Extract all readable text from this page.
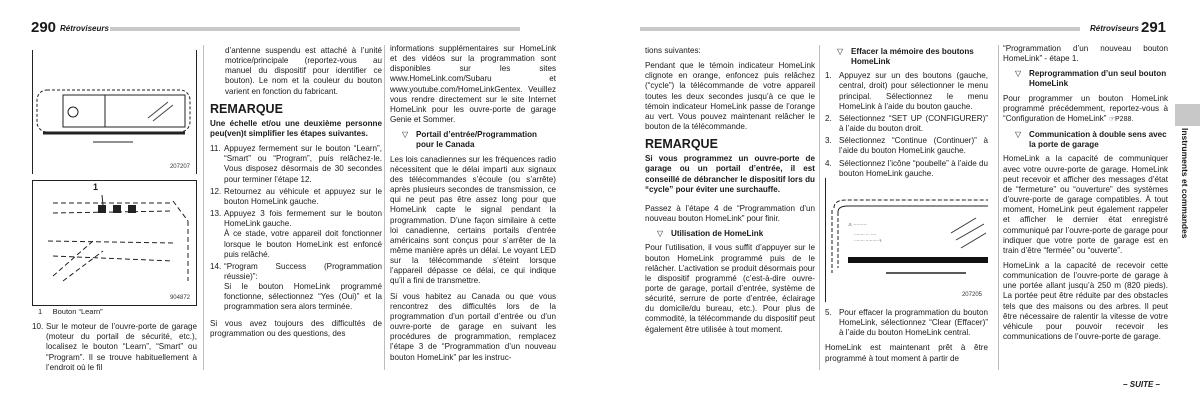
290 Rétroviseurs	Rétroviseurs 291
207207
1
904872
1 Bouton “Learn”
10. Sur le moteur de l’ouvre-porte de garage (moteur du portail de sécurité, etc.), localisez le bouton “Learn”, “Smart” ou “Program”. Il se trouve habituellement à l’endroit où le fil

d’antenne suspendu est attaché à l’unité motrice/principale (reportez-vous au manuel du dispositif pour identifier ce bouton). Le nom et la couleur du bouton varient en fonction du fabricant.

REMARQUE

Une échelle et/ou une deuxième personne peu(ven)t simplifier les étapes suivantes.

11. Appuyez fermement sur le bouton “Learn”, “Smart” ou “Program”, puis relâchez-le. Vous disposez désormais de 30 secondes pour terminer l’étape 12.
12. Retournez au véhicule et appuyez sur le bouton HomeLink gauche.
13. Appuyez 3 fois fermement sur le bouton HomeLink gauche.
À ce stade, votre appareil doit fonctionner lorsque le bouton HomeLink est enfoncé puis relâché.
14. “Program Success (Programmation réussie)”:
Si le bouton HomeLink programmé fonctionne, sélectionnez “Yes (Oui)” et la programmation sera alors terminée.

Si vous avez toujours des difficultés de programmation ou des questions, des

informations supplémentaires sur HomeLink et des vidéos sur la programmation sont disponibles sur les sites www.HomeLink.com/Subaru et www.youtube.com/HomeLinkGentex. Veuillez vous rendre directement sur le site Internet HomeLink pour les ouvre-porte de garage Genie et Sommer.

▽ Portail d’entrée/Programmation pour le Canada

Les lois canadiennes sur les fréquences radio nécessitent que le délai imparti aux signaux des télécommandes s’écoule (ou s’arrête) après plusieurs secondes de transmission, ce qui ne peut pas être assez long pour que HomeLink capte le signal pendant la programmation. D’une façon similaire à cette loi canadienne, certains portails d’entrée américains sont conçus pour s’arrêter de la même manière après un délai. Le voyant LED sur la télécommande s’éteint lorsque l’appareil dépasse ce délai, ce qui indique qu’il a fini de transmettre.

Si vous habitez au Canada ou que vous rencontrez des difficultés lors de la programmation d’un portail d’entrée ou d’un ouvre-porte de garage en suivant les procédures de programmation, remplacez l’étape 3 de “Programmation d’un nouveau bouton HomeLink” par les instruc-

tions suivantes:

Pendant que le témoin indicateur HomeLink clignote en orange, enfoncez puis relâchez (“cycle”) la télécommande de votre appareil toutes les deux secondes jusqu’à ce que le témoin indicateur HomeLink passe de l’orange au vert. Vous pouvez maintenant relâcher le bouton de la télécommande.

REMARQUE

Si vous programmez un ouvre-porte de garage ou un portail d’entrée, il est conseillé de débrancher le dispositif lors du “cycle” pour éviter une surchauffe.

Passez à l’étape 4 de “Programmation d’un nouveau bouton HomeLink” pour finir.

▽ Utilisation de HomeLink

Pour l’utilisation, il vous suffit d’appuyer sur le bouton HomeLink programmé puis de le relâcher. L’activation se produit désormais pour le dispositif programmé (c’est-à-dire ouvre-porte de garage, portail d’entrée, système de sécurité, serrure de porte d’entrée, éclairage du domicile/du bureau, etc.). Pour plus de commodité, la télécommande du dispositif peut également être utilisée à tout moment.

▽ Effacer la mémoire des boutons HomeLink
1. Appuyez sur un des boutons (gauche, central, droit) pour sélectionner le menu principal. Sélectionnez le menu HomeLink à l’aide du bouton gauche.
2. Sélectionnez “SET UP (CONFIGURER)” à l’aide du bouton droit.
3. Sélectionnez “Continue (Continuer)” à l’aide du bouton HomeLink gauche.
4. Sélectionnez l’icône “poubelle” à l’aide du bouton HomeLink gauche.
⚠ ·········
········ ··· ····
········ ··········?
207205
5. Pour effacer la programmation du bouton HomeLink, sélectionnez “Clear (Effacer)” à l’aide du bouton HomeLink central.

HomeLink est maintenant prêt à être programmé à tout moment à partir de

“Programmation d’un nouveau bouton HomeLink” - étape 1.

▽ Reprogrammation d’un seul bouton HomeLink

Pour programmer un bouton HomeLink programmé précédemment, reportez-vous à “Configuration de HomeLink” ☞P288.

▽ Communication à double sens avec la porte de garage

HomeLink a la capacité de communiquer avec votre ouvre-porte de garage. HomeLink peut recevoir et afficher des messages d’état de “fermeture” ou “ouverture” des systèmes d’ouvre-porte de garage compatibles. À tout moment, HomeLink peut également rappeler et afficher le dernier état enregistré communiqué par l’ouvre-porte de garage pour indiquer que votre porte de garage est en train d’être “fermée” ou “ouverte”.

HomeLink a la capacité de recevoir cette communication de l’ouvre-porte de garage à une portée allant jusqu’à 250 m (820 pieds). La portée peut être réduite par des obstacles tels que des maisons ou des arbres. Il peut être nécessaire de ralentir la vitesse de votre véhicule pour pouvoir recevoir les communications de l’ouvre-porte de garage.

Instruments et commandes
– SUITE –
